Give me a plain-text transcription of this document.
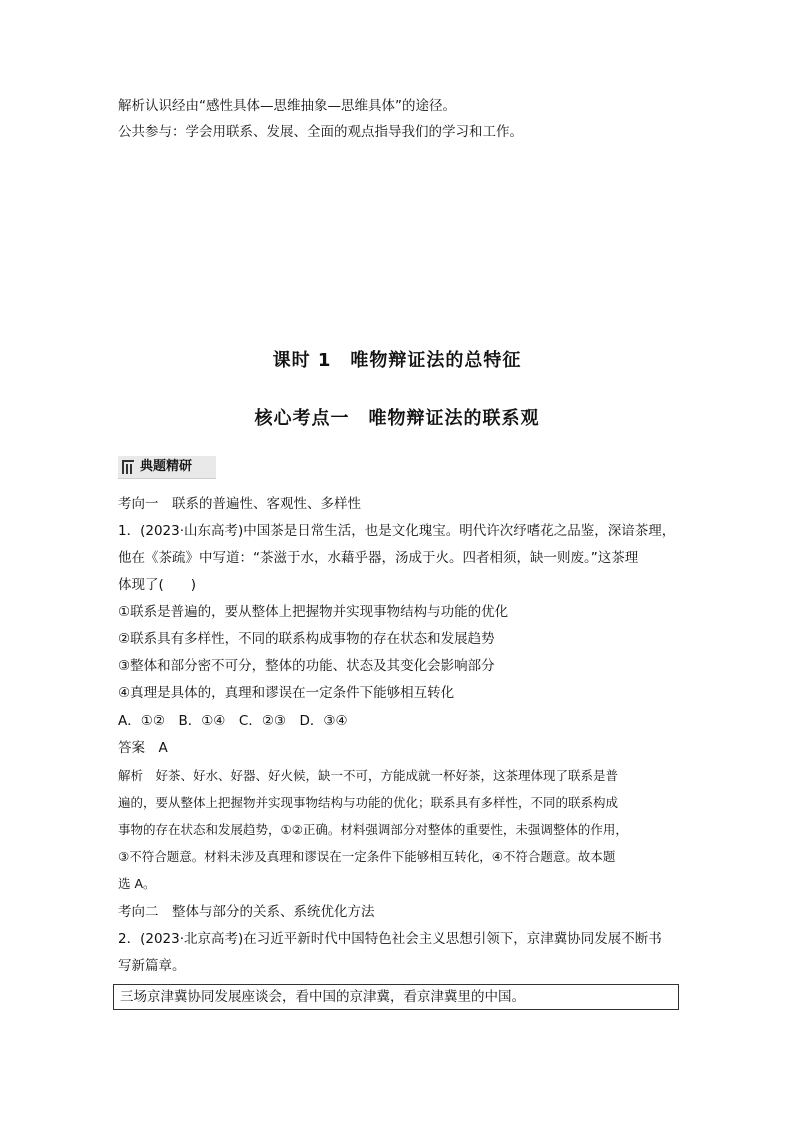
解析认识经由“感性具体—思维抽象—思维具体”的途径。
公共参与：学会用联系、发展、全面的观点指导我们的学习和工作。
课时 1　唯物辩证法的总特征
核心考点一　唯物辩证法的联系观
典题精研
考向一　联系的普遍性、客观性、多样性
1．(2023·山东高考)中国茶是日常生活，也是文化瑰宝。明代许次纾嗜花之品鉴，深谙茶理，
他在《茶疏》中写道：“茶滋于水，水藉乎器，汤成于火。四者相须，缺一则废。”这茶理
体现了(　　)
①联系是普遍的，要从整体上把握物并实现事物结构与功能的优化
②联系具有多样性，不同的联系构成事物的存在状态和发展趋势
③整体和部分密不可分，整体的功能、状态及其变化会影响部分
④真理是具体的，真理和谬误在一定条件下能够相互转化
A．①②　B．①④　C．②③　D．③④
答案　A
解析　好茶、好水、好器、好火候，缺一不可，方能成就一杯好茶，这茶理体现了联系是普
遍的，要从整体上把握物并实现事物结构与功能的优化；联系具有多样性，不同的联系构成
事物的存在状态和发展趋势，①②正确。材料强调部分对整体的重要性，未强调整体的作用，
③不符合题意。材料未涉及真理和谬误在一定条件下能够相互转化，④不符合题意。故本题
选 A。
考向二　整体与部分的关系、系统优化方法
2．(2023·北京高考)在习近平新时代中国特色社会主义思想引领下，京津冀协同发展不断书
写新篇章。
三场京津冀协同发展座谈会，看中国的京津冀，看京津冀里的中国。
